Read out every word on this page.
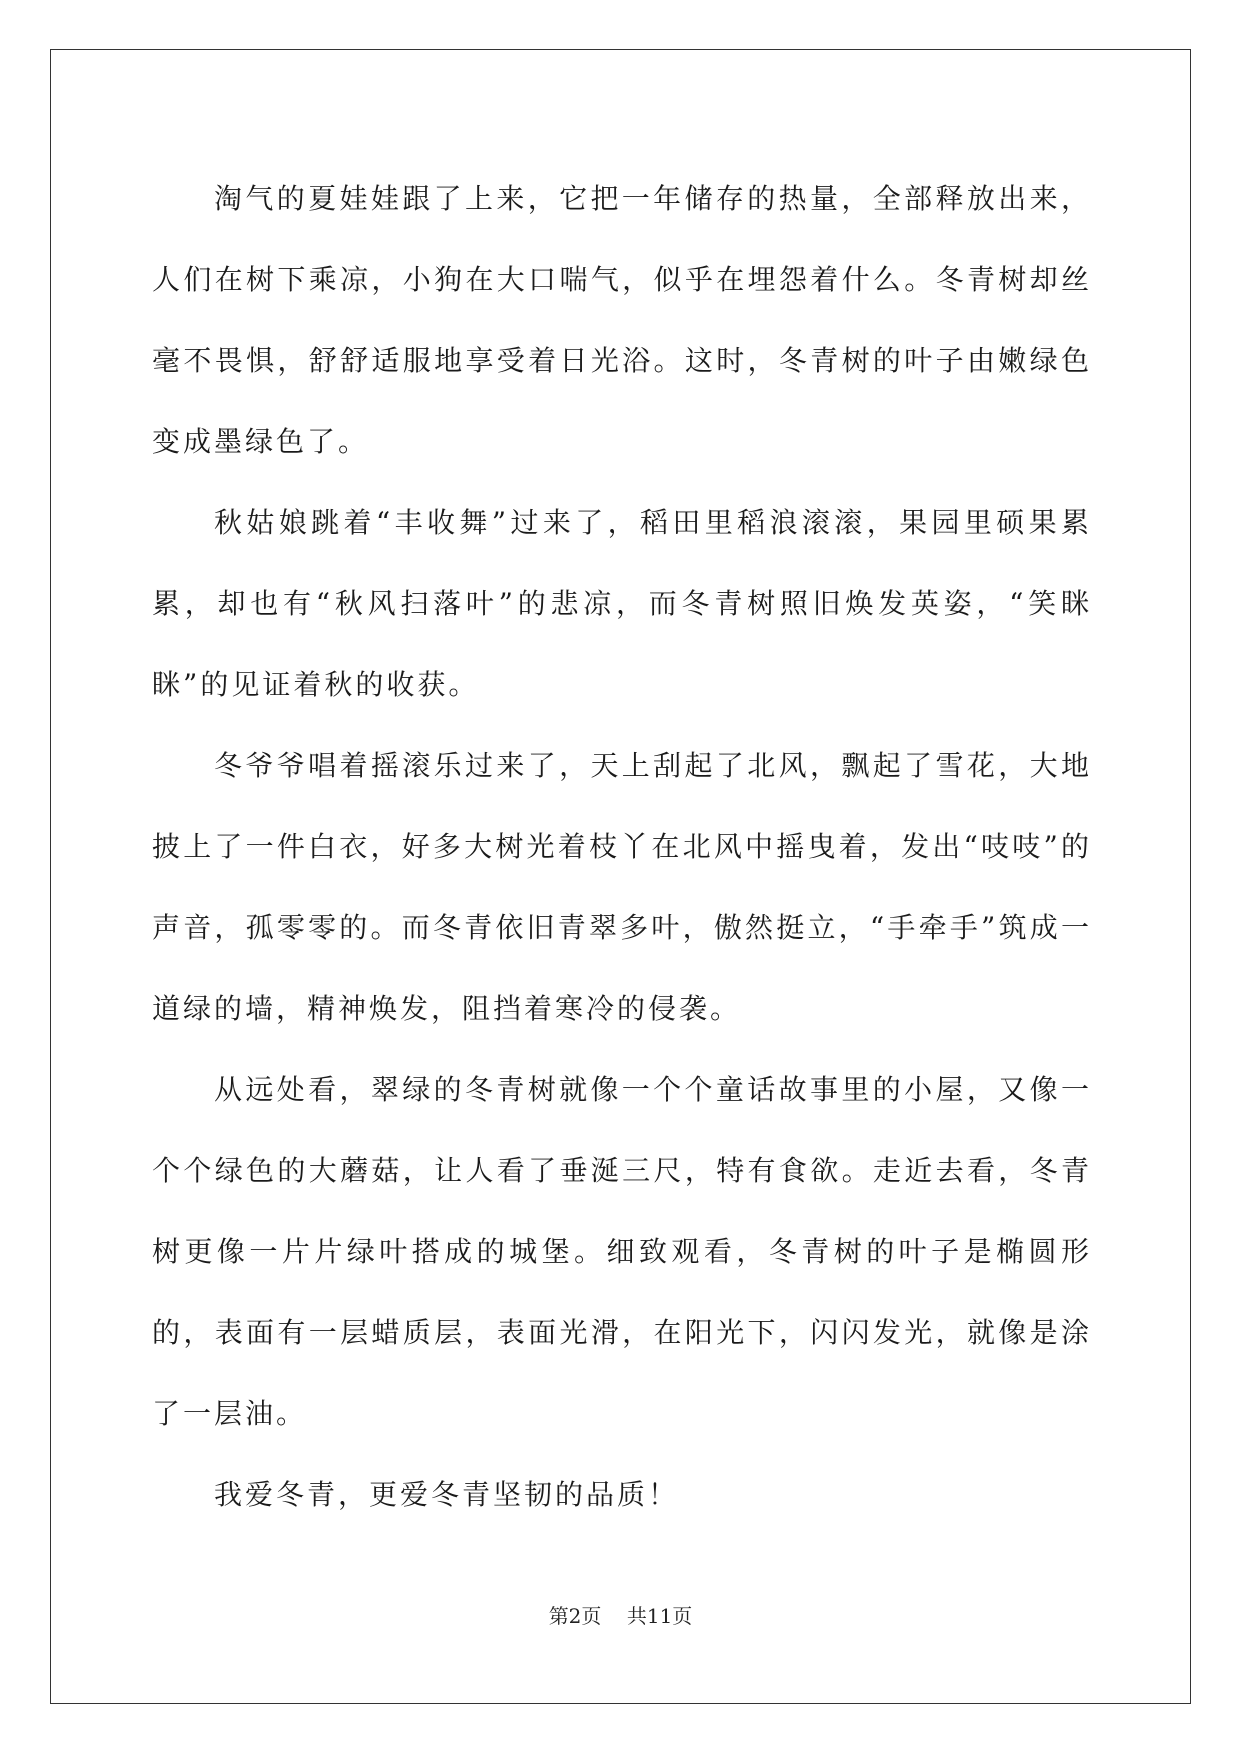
淘气的夏娃娃跟了上来，它把一年储存的热量，全部释放出来，人们在树下乘凉，小狗在大口喘气，似乎在埋怨着什么。冬青树却丝毫不畏惧，舒舒适服地享受着日光浴。这时，冬青树的叶子由嫩绿色变成墨绿色了。

秋姑娘跳着“丰收舞”过来了，稻田里稻浪滚滚，果园里硕果累累，却也有“秋风扫落叶”的悲凉，而冬青树照旧焕发英姿，“笑眯眯”的见证着秋的收获。

冬爷爷唱着摇滚乐过来了，天上刮起了北风，飘起了雪花，大地披上了一件白衣，好多大树光着枝丫在北风中摇曳着，发出“吱吱”的声音，孤零零的。而冬青依旧青翠多叶，傲然挺立，“手牵手”筑成一道绿的墙，精神焕发，阻挡着寒冷的侵袭。

从远处看，翠绿的冬青树就像一个个童话故事里的小屋，又像一个个绿色的大蘑菇，让人看了垂涎三尺，特有食欲。走近去看，冬青树更像一片片绿叶搭成的城堡。细致观看，冬青树的叶子是椭圆形的，表面有一层蜡质层，表面光滑，在阳光下，闪闪发光，就像是涂了一层油。

我爱冬青，更爱冬青坚韧的品质！

第2页 共11页
